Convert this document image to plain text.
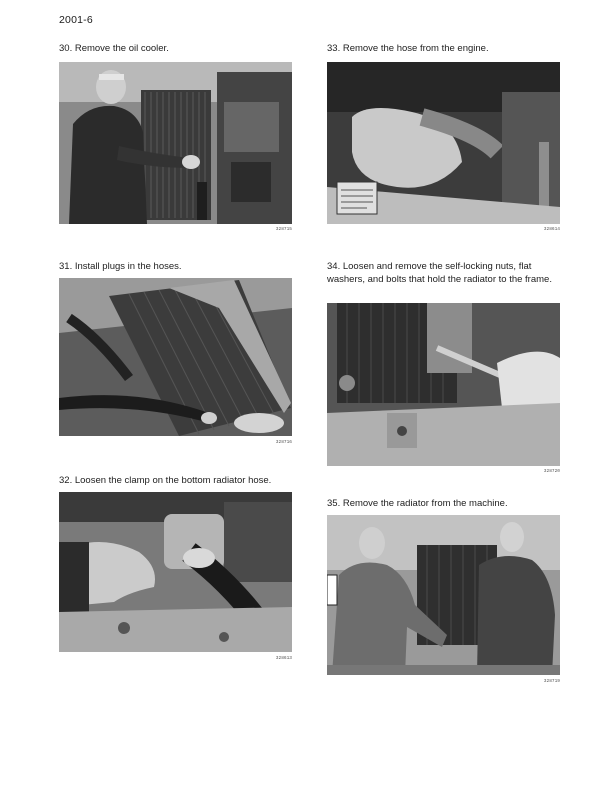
2001-6
30. Remove the oil cooler.
328715
31. Install plugs in the hoses.
328716
32. Loosen the clamp on the bottom radiator hose.
328613
33. Remove the hose from the engine.
328614
34. Loosen and remove the self-locking nuts, flat washers, and bolts that hold the radiator to the frame.
328720
35. Remove the radiator from the machine.
328719
